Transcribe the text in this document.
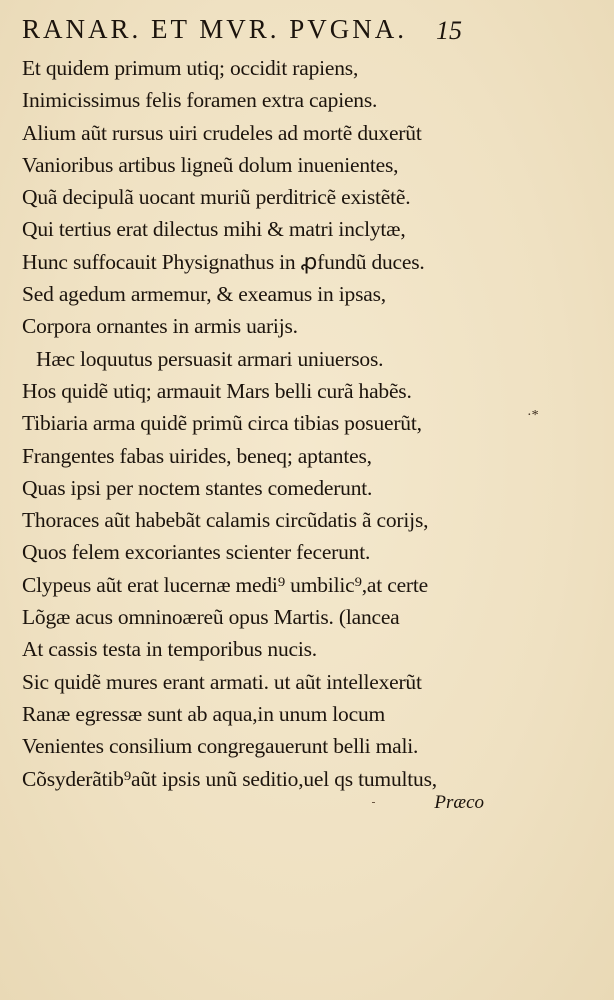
RANAR. ET MVR. PVGNA. 15
Et quidem primum utiq; occidit rapiens,
Inimicissimus felis foramen extra capiens.
Alium aũt rursus uiri crudeles ad mortẽ duxerũt
Vanioribus artibus ligneũ dolum inuenientes,
Quã decipulã uocant muriũ perditricẽ existẽtẽ.
Qui tertius erat dilectus mihi & matri inclytæ,
Hunc suffocauit Physignathus in ꝓfundũ duces.
Sed agedum armemur, & exeamus in ipsas,
Corpora ornantes in armis uarijs.
Hæc loquutus persuasit armari uniuersos.
Hos quidẽ utiq; armauit Mars belli curã habẽs.
Tibiaria arma quidẽ primũ circa tibias posuerũt,
Frangentes fabas uirides, beneq; aptantes,
Quas ipsi per noctem stantes comederunt.
Thoraces aũt habebãt calamis circũdatis ã corijs,
Quos felem excoriantes scienter fecerunt.
Clypeus aũt erat lucernæ medi⁹ umbilic⁹,at certe
Lõgæ acus omninoæreũ opus Martis. (lancea
At cassis testa in temporibus nucis.
Sic quidẽ mures erant armati. ut aũt intellexerũt
Ranæ egressæ sunt ab aqua,in unum locum
Venientes consilium congregauerunt belli mali.
Cõsyderãtib⁹aũt ipsis unũ seditio,uel qs tumultus,
Præco
·*
